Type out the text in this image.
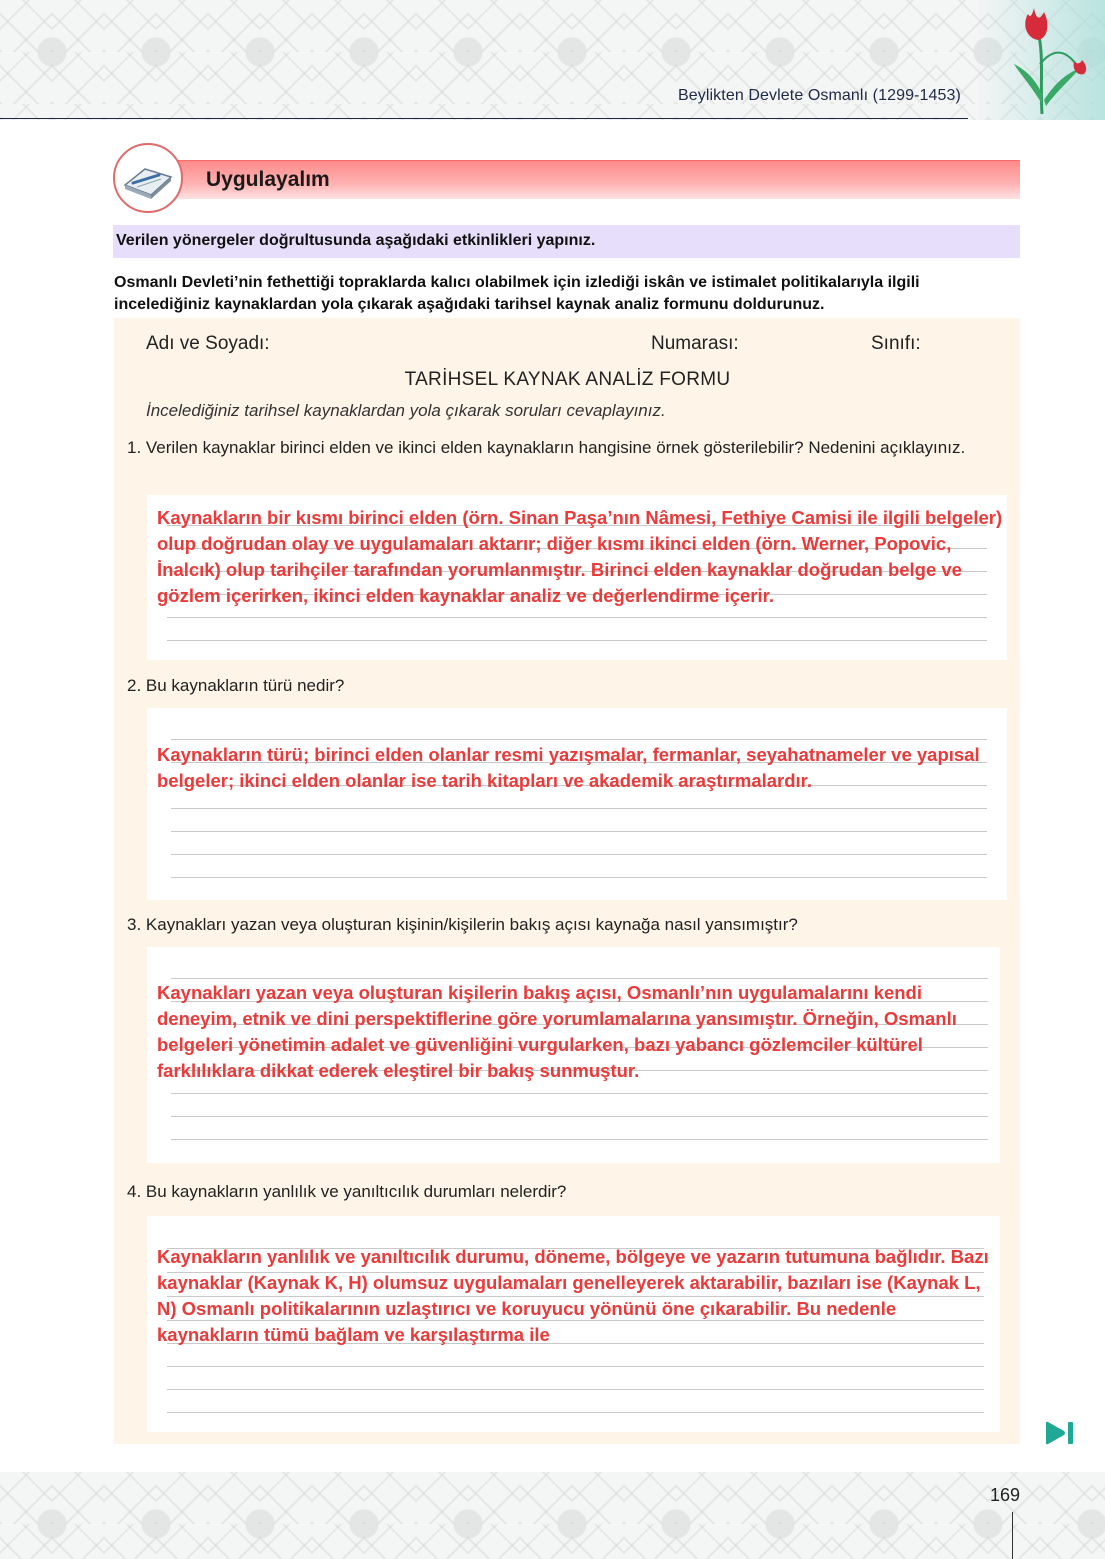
Beylikten Devlete Osmanlı (1299-1453)
Uygulayalım
Verilen yönergeler doğrultusunda aşağıdaki etkinlikleri yapınız.
Osmanlı Devleti’nin fethettiği topraklarda kalıcı olabilmek için izlediği iskân ve istimalet politikalarıyla ilgili incelediğiniz kaynaklardan yola çıkarak aşağıdaki tarihsel kaynak analiz formunu doldurunuz.
Adı ve Soyadı:	Numarası:	Sınıfı:
TARİHSEL KAYNAK ANALİZ FORMU
İncelediğiniz tarihsel kaynaklardan yola çıkarak soruları cevaplayınız.
1. Verilen kaynaklar birinci elden ve ikinci elden kaynakların hangisine örnek gösterilebilir? Nedenini açıklayınız.
Kaynakların bir kısmı birinci elden (örn. Sinan Paşa’nın Nâmesi, Fethiye Camisi ile ilgili belgeler) olup doğrudan olay ve uygulamaları aktarır; diğer kısmı ikinci elden (örn. Werner, Popovic, İnalcık) olup tarihçiler tarafından yorumlanmıştır. Birinci elden kaynaklar doğrudan belge ve gözlem içerirken, ikinci elden kaynaklar analiz ve değerlendirme içerir.
2. Bu kaynakların türü nedir?
Kaynakların türü; birinci elden olanlar resmi yazışmalar, fermanlar, seyahatnameler ve yapısal belgeler; ikinci elden olanlar ise tarih kitapları ve akademik araştırmalardır.
3. Kaynakları yazan veya oluşturan kişinin/kişilerin bakış açısı kaynağa nasıl yansımıştır?
Kaynakları yazan veya oluşturan kişilerin bakış açısı, Osmanlı’nın uygulamalarını kendi deneyim, etnik ve dini perspektiflerine göre yorumlamalarına yansımıştır. Örneğin, Osmanlı belgeleri yönetimin adalet ve güvenliğini vurgularken, bazı yabancı gözlemciler kültürel farklılıklara dikkat ederek eleştirel bir bakış sunmuştur.
4. Bu kaynakların yanlılık ve yanıltıcılık durumları nelerdir?
Kaynakların yanlılık ve yanıltıcılık durumu, döneme, bölgeye ve yazarın tutumuna bağlıdır. Bazı kaynaklar (Kaynak K, H) olumsuz uygulamaları genelleyerek aktarabilir, bazıları ise (Kaynak L, N) Osmanlı politikalarının uzlaştırıcı ve koruyucu yönünü öne çıkarabilir. Bu nedenle kaynakların tümü bağlam ve karşılaştırma ile
169
